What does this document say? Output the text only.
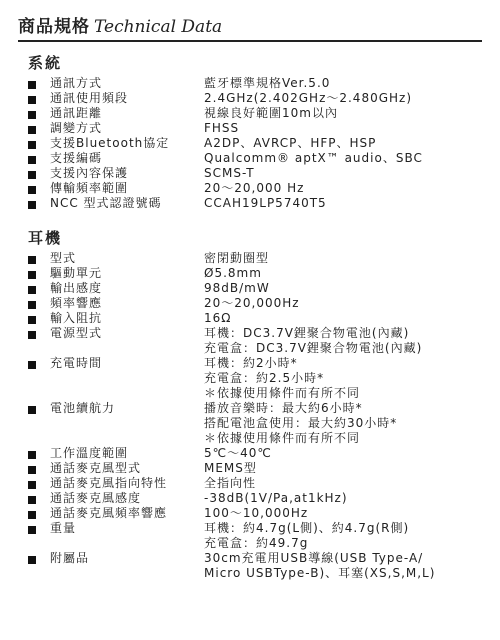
商品規格 Technical Data
系統
通訊方式	藍牙標準規格Ver.5.0
通訊使用頻段	2.4GHz(2.402GHz～2.480GHz)
通訊距離	視線良好範圍10m以內
調變方式	FHSS
支援Bluetooth協定	A2DP、AVRCP、HFP、HSP
支援編碼	Qualcomm® aptX™ audio、SBC
支援內容保護	SCMS-T
傳輸頻率範圍	20～20,000 Hz
NCC 型式認證號碼	CCAH19LP5740T5
耳機
型式	密閉動圈型
驅動單元	Ø5.8mm
輸出感度	98dB/mW
頻率響應	20～20,000Hz
輸入阻抗	16Ω
電源型式	耳機：DC3.7V鋰聚合物電池(內藏)
充電盒：DC3.7V鋰聚合物電池(內藏)
充電時間	耳機：約2小時*
充電盒：約2.5小時*
＊依據使用條件而有所不同
電池續航力	播放音樂時：最大約6小時*
搭配電池盒使用：最大約30小時*
＊依據使用條件而有所不同
工作溫度範圍	5℃～40℃
通話麥克風型式	MEMS型
通話麥克風指向特性	全指向性
通話麥克風感度	-38dB(1V/Pa,at1kHz)
通話麥克風頻率響應	100～10,000Hz
重量	耳機：約4.7g(L側)、約4.7g(R側)
充電盒：約49.7g
附屬品	30cm充電用USB導線(USB Type-A/
Micro USBType-B)、耳塞(XS,S,M,L)
